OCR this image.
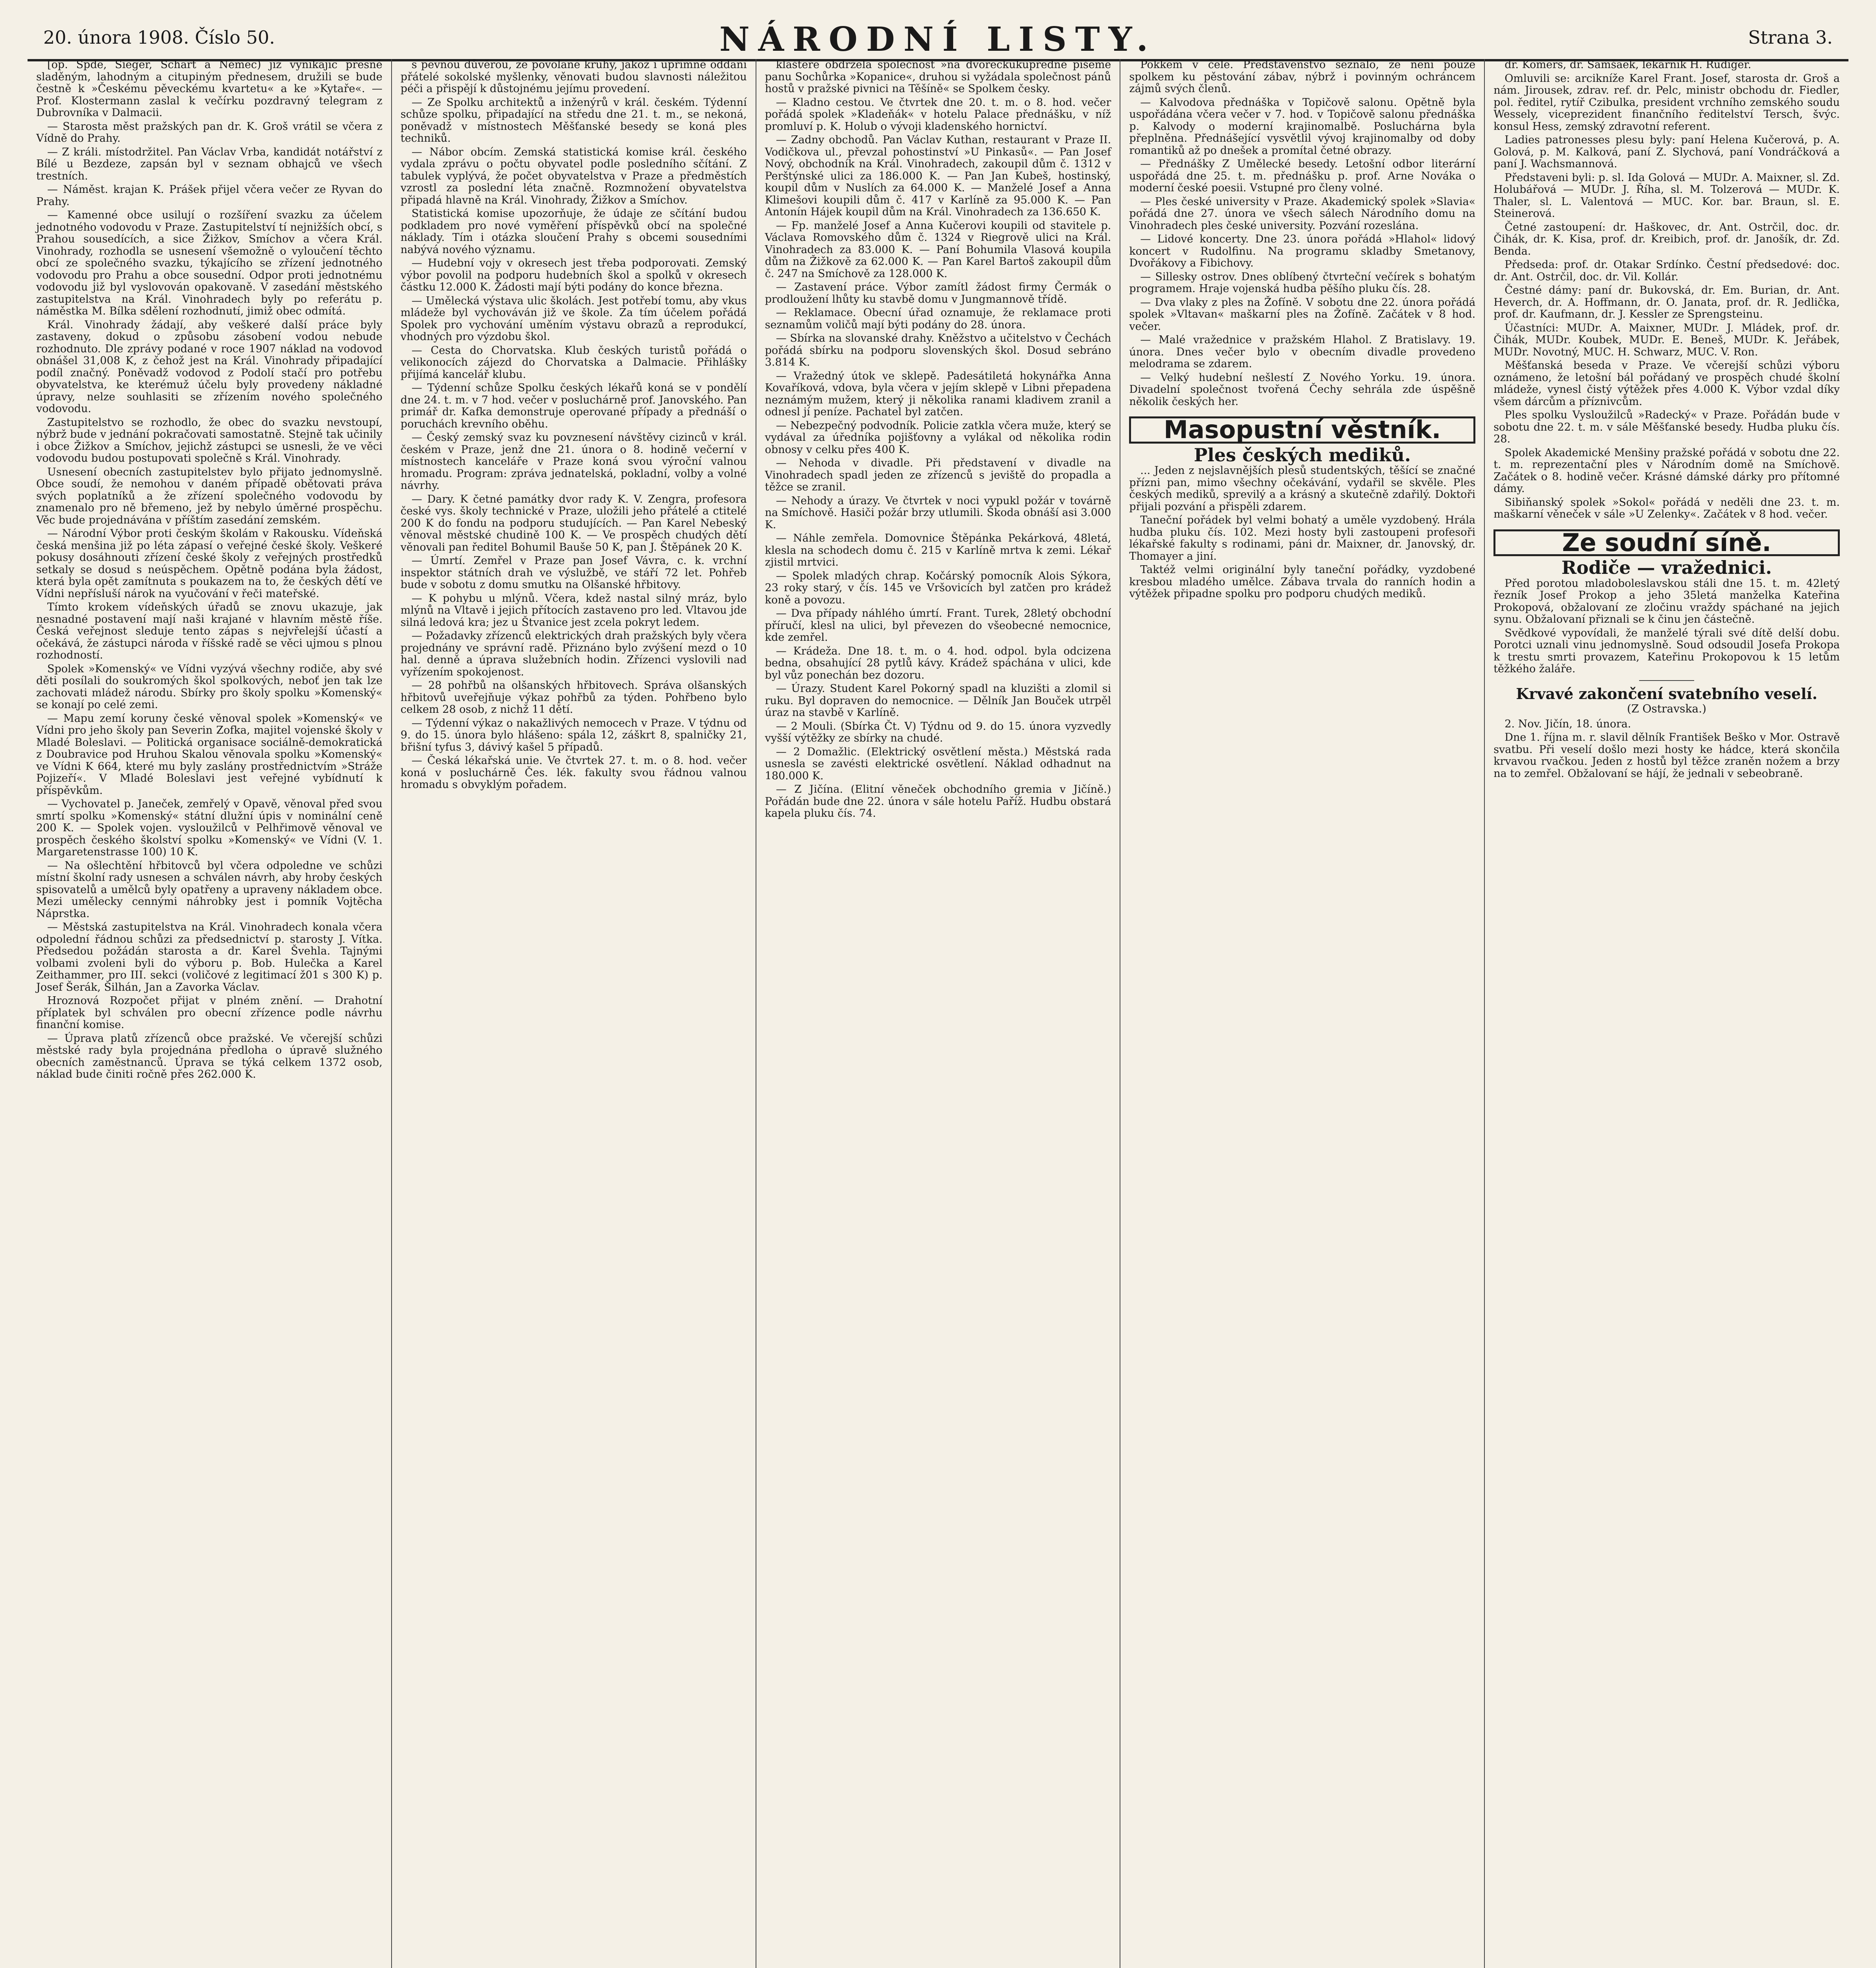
20. února 1908. Číslo 50.	NÁRODNÍ LISTY.	Strana 3.

[op. Spde, Sieger, Schart a Němec) již vynikajíc přesně sladěným, lahodným a citupiným přednesem, družili se bude čestně k »Českému pěveckému kvartetu« a ke »Kytaře«. — Prof. Klostermann zaslal k večírku pozdravný telegram z Dubrovníka v Dalmacii.

— Starosta měst pražských pan dr. K. Groš vrátil se včera z Vídně do Prahy.

— Z králi. místodržitel. Pan Václav Vrba, kandidát notářství z Bílé u Bezdeze, zapsán byl v seznam obhajců ve všech trestních.

— Náměst. krajan K. Prášek přijel včera večer ze Ryvan do Prahy.

— Kamenné obce usilují o rozšíření svazku za účelem jednotného vodovodu v Praze. Zastupitelství tí nejnižších obcí, s Prahou sousedících, a sice Žižkov, Smíchov a včera Král. Vinohrady, rozhodla se usnesení všemožně o vyloučení těchto obcí ze společného svazku, týkajícího se zřízení jednotného vodovodu pro Prahu a obce sousední. Odpor proti jednotnému vodovodu již byl vyslovován opakovaně. V zasedání městského zastupitelstva na Král. Vinohradech byly po referátu p. náměstka M. Bílka sdělení rozhodnutí, jimiž obec odmítá.

Král. Vinohrady žádají, aby veškeré další práce byly zastaveny, dokud o způsobu zásobení vodou nebude rozhodnuto. Dle zprávy podané v roce 1907 náklad na vodovod obnášel 31,008 K, z čehož jest na Král. Vinohrady připadající podíl značný. Poněvadž vodovod z Podolí stačí pro potřebu obyvatelstva, ke kterémuž účelu byly provedeny nákladné úpravy, nelze souhlasiti se zřízením nového společného vodovodu.

Zastupitelstvo se rozhodlo, že obec do svazku nevstoupí, nýbrž bude v jednání pokračovati samostatně. Stejně tak učinily i obce Žižkov a Smíchov, jejichž zástupci se usnesli, že ve věci vodovodu budou postupovati společně s Král. Vinohrady.

Usnesení obecních zastupitelstev bylo přijato jednomyslně. Obce soudí, že nemohou v daném případě obětovati práva svých poplatníků a že zřízení společného vodovodu by znamenalo pro ně břemeno, jež by nebylo úměrné prospěchu. Věc bude projednávána v příštím zasedání zemském.

— Národní Výbor proti českým školám v Rakousku. Vídeňská česká menšina již po léta zápasí o veřejné české školy. Veškeré pokusy dosáhnouti zřízení české školy z veřejných prostředků setkaly se dosud s neúspěchem. Opětně podána byla žádost, která byla opět zamítnuta s poukazem na to, že českých dětí ve Vídni nepřísluší nárok na vyučování v řeči mateřské.

Tímto krokem vídeňských úřadů se znovu ukazuje, jak nesnadné postavení mají naši krajané v hlavním městě říše. Česká veřejnost sleduje tento zápas s nejvřelejší účastí a očekává, že zástupci národa v říšské radě se věci ujmou s plnou rozhodností.

Spolek »Komenský« ve Vídni vyzývá všechny rodiče, aby své děti posílali do soukromých škol spolkových, neboť jen tak lze zachovati mládež národu. Sbírky pro školy spolku »Komenský« se konají po celé zemi.

— Mapu zemí koruny české věnoval spolek »Komenský« ve Vídni pro jeho školy pan Severin Zofka, majitel vojenské školy v Mladé Boleslavi. — Politická organisace sociálně-demokratická z Doubravice pod Hruhou Skalou věnovala spolku »Komenský« ve Vídni K 664, které mu byly zaslány prostřednictvím »Stráže Pojizeří«. V Mladé Boleslavi jest veřejné vybídnutí k příspěvkům.

— Vychovatel p. Janeček, zemřelý v Opavě, věnoval před svou smrtí spolku »Komenský« státní dlužní úpis v nominální ceně 200 K. — Spolek vojen. vysloužilců v Pelhřimově věnoval ve prospěch českého školství spolku »Komenský« ve Vídni (V. 1. Margaretenstrasse 100) 10 K.

— Na ošlechtění hřbitovců byl včera odpoledne ve schůzi místní školní rady usnesen a schválen návrh, aby hroby českých spisovatelů a umělců byly opatřeny a upraveny nákladem obce. Mezi umělecky cennými náhrobky jest i pomník Vojtěcha Náprstka.

— Městská zastupitelstva na Král. Vinohradech konala včera odpolední řádnou schůzi za předsednictví p. starosty J. Vítka. Předsedou požádán starosta a dr. Karel Švehla. Tajnými volbami zvoleni byli do výboru p. Bob. Hulečka a Karel Zeithammer, pro III. sekci (voličové z legitimací ž01 s 300 K) p. Josef Šerák, Šilhán, Jan a Zavorka Václav.

Hroznová Rozpočet přijat v plném znění. — Drahotní příplatek byl schválen pro obecní zřízence podle návrhu finanční komise.

— Úprava platů zřízenců obce pražské. Ve včerejší schůzi městské rady byla projednána předloha o úpravě služného obecních zaměstnanců. Úprava se týká celkem 1372 osob, náklad bude činiti ročně přes 262.000 K.

s pevnou důvěrou, že povolané kruhy, jakož i upřímně oddaní přátelé sokolské myšlenky, věnovati budou slavnosti náležitou péči a přispějí k důstojnému jejímu provedení.

— Ze Spolku architektů a inženýrů v král. českém. Týdenní schůze spolku, připadající na středu dne 21. t. m., se nekoná, poněvadž v místnostech Měšťanské besedy se koná ples techniků.

— Nábor obcím. Zemská statistická komise král. českého vydala zprávu o počtu obyvatel podle posledního sčítání. Z tabulek vyplývá, že počet obyvatelstva v Praze a předměstích vzrostl za poslední léta značně. Rozmnožení obyvatelstva připadá hlavně na Král. Vinohrady, Žižkov a Smíchov.

Statistická komise upozorňuje, že údaje ze sčítání budou podkladem pro nové vyměření příspěvků obcí na společné náklady. Tím i otázka sloučení Prahy s obcemi sousedními nabývá nového významu.

— Hudební vojy v okresech jest třeba podporovati. Zemský výbor povolil na podporu hudebních škol a spolků v okresech částku 12.000 K. Žádosti mají býti podány do konce března.

— Umělecká výstava ulic školách. Jest potřebí tomu, aby vkus mládeže byl vychováván již ve škole. Za tím účelem pořádá Spolek pro vychování uměním výstavu obrazů a reprodukcí, vhodných pro výzdobu škol.

— Cesta do Chorvatska. Klub českých turistů pořádá o velikonocích zájezd do Chorvatska a Dalmacie. Přihlášky přijímá kancelář klubu.

— Týdenní schůze Spolku českých lékařů koná se v pondělí dne 24. t. m. v 7 hod. večer v posluchárně prof. Janovského. Pan primář dr. Kafka demonstruje operované případy a přednáší o poruchách krevního oběhu.

— Český zemský svaz ku povznesení návštěvy cizinců v král. českém v Praze, jenž dne 21. února o 8. hodině večerní v místnostech kanceláře v Praze koná svou výroční valnou hromadu. Program: zpráva jednatelská, pokladní, volby a volné návrhy.

— Dary. K četné památky dvor rady K. V. Zengra, profesora české vys. školy technické v Praze, uložili jeho přátelé a ctitelé 200 K do fondu na podporu studujících. — Pan Karel Nebeský věnoval městské chudině 100 K. — Ve prospěch chudých dětí věnovali pan ředitel Bohumil Bauše 50 K, pan J. Štěpánek 20 K.

— Úmrtí. Zemřel v Praze pan Josef Vávra, c. k. vrchní inspektor státních drah ve výslužbě, ve stáří 72 let. Pohřeb bude v sobotu z domu smutku na Olšanské hřbitovy.

— K pohybu u mlýnů. Včera, kdež nastal silný mráz, bylo mlýnů na Vltavě i jejich přítocích zastaveno pro led. Vltavou jde silná ledová kra; jez u Štvanice jest zcela pokryt ledem.

— Požadavky zřízenců elektrických drah pražských byly včera projednány ve správní radě. Přiznáno bylo zvýšení mezd o 10 hal. denně a úprava služebních hodin. Zřízenci vyslovili nad vyřízením spokojenost.

— 28 pohřbů na olšanských hřbitovech. Správa olšanských hřbitovů uveřejňuje výkaz pohřbů za týden. Pohřbeno bylo celkem 28 osob, z nichž 11 dětí.

— Týdenní výkaz o nakažlivých nemocech v Praze. V týdnu od 9. do 15. února bylo hlášeno: spála 12, záškrt 8, spalničky 21, břišní tyfus 3, dávivý kašel 5 případů.

— Česká lékařská unie. Ve čtvrtek 27. t. m. o 8. hod. večer koná v posluchárně Čes. lék. fakulty svou řádnou valnou hromadu s obvyklým pořadem.

klášteře obdržela společnost »na dvoreckukupředně píšeme panu Sochůrka »Kopanice«, druhou si vyžádala společnost pánů hostů v pražské pivnici na Těšíně« se Spolkem česky.

— Kladno cestou. Ve čtvrtek dne 20. t. m. o 8. hod. večer pořádá spolek »Kladeňák« v hotelu Palace přednášku, v níž promluví p. K. Holub o vývoji kladenského hornictví.

— Zadny obchodů. Pan Václav Kuthan, restaurant v Praze II. Vodičkova ul., převzal pohostinství »U Pinkasů«. — Pan Josef Nový, obchodník na Král. Vinohradech, zakoupil dům č. 1312 v Perštýnské ulici za 186.000 K. — Pan Jan Kubeš, hostinský, koupil dům v Nuslích za 64.000 K. — Manželé Josef a Anna Klimešovi koupili dům č. 417 v Karlíně za 95.000 K. — Pan Antonín Hájek koupil dům na Král. Vinohradech za 136.650 K.

— Fp. manželé Josef a Anna Kučerovi koupili od stavitele p. Václava Romovského dům č. 1324 v Riegrově ulici na Král. Vinohradech za 83.000 K. — Paní Bohumila Vlasová koupila dům na Žižkově za 62.000 K. — Pan Karel Bartoš zakoupil dům č. 247 na Smíchově za 128.000 K.

— Zastavení práce. Výbor zamítl žádost firmy Čermák o prodloužení lhůty ku stavbě domu v Jungmannově třídě.

— Reklamace. Obecní úřad oznamuje, že reklamace proti seznamům voličů mají býti podány do 28. února.

— Sbírka na slovanské drahy. Kněžstvo a učitelstvo v Čechách pořádá sbírku na podporu slovenských škol. Dosud sebráno 3.814 K.

— Vražedný útok ve sklepě. Padesátiletá hokynářka Anna Kovaříková, vdova, byla včera v jejím sklepě v Libni přepadena neznámým mužem, který ji několika ranami kladivem zranil a odnesl jí peníze. Pachatel byl zatčen.

— Nebezpečný podvodník. Policie zatkla včera muže, který se vydával za úředníka pojišťovny a vylákal od několika rodin obnosy v celku přes 400 K.

— Nehoda v divadle. Při představení v divadle na Vinohradech spadl jeden ze zřízenců s jeviště do propadla a těžce se zranil.

— Nehody a úrazy. Ve čtvrtek v noci vypukl požár v továrně na Smíchově. Hasiči požár brzy utlumili. Škoda obnáší asi 3.000 K.

— Náhle zemřela. Domovnice Štěpánka Pekárková, 48letá, klesla na schodech domu č. 215 v Karlíně mrtva k zemi. Lékař zjistil mrtvici.

— Spolek mladých chrap. Kočárský pomocník Alois Sýkora, 23 roky starý, v čís. 145 ve Vršovicích byl zatčen pro krádež koně a povozu.

— Dva případy náhlého úmrtí. Frant. Turek, 28letý obchodní příručí, klesl na ulici, byl převezen do všeobecné nemocnice, kde zemřel.

— Krádeža. Dne 18. t. m. o 4. hod. odpol. byla odcizena bedna, obsahující 28 pytlů kávy. Krádež spáchána v ulici, kde byl vůz ponechán bez dozoru.

— Úrazy. Student Karel Pokorný spadl na kluzišti a zlomil si ruku. Byl dopraven do nemocnice. — Dělník Jan Bouček utrpěl úraz na stavbě v Karlíně.

— 2 Mouli. (Sbírka Čt. V) Týdnu od 9. do 15. února vyzvedly vyšší výtěžky ze sbírky na chudé.

— 2 Domažlic. (Elektrický osvětlení města.) Městská rada usnesla se zavésti elektrické osvětlení. Náklad odhadnut na 180.000 K.

— Z Jičína. (Elitní věneček obchodního gremia v Jičíně.) Pořádán bude dne 22. února v sále hotelu Paříž. Hudbu obstará kapela pluku čís. 74.

Pokkem v čele. Představenstvo seznalo, že není pouze spolkem ku pěstování zábav, nýbrž i povinným ochráncem zájmů svých členů.

— Kalvodova přednáška v Topičově salonu. Opětně byla uspořádána včera večer v 7. hod. v Topičově salonu přednáška p. Kalvody o moderní krajinomalbě. Posluchárna byla přeplněna. Přednášející vysvětlil vývoj krajinomalby od doby romantiků až po dnešek a promítal četné obrazy.

— Přednášky Z Umělecké besedy. Letošní odbor literární uspořádá dne 25. t. m. přednášku p. prof. Arne Nováka o moderní české poesii. Vstupné pro členy volné.

— Ples české university v Praze. Akademický spolek »Slavia« pořádá dne 27. února ve všech sálech Národního domu na Vinohradech ples české university. Pozvání rozeslána.

— Lidové koncerty. Dne 23. února pořádá »Hlahol« lidový koncert v Rudolfinu. Na programu skladby Smetanovy, Dvořákovy a Fibichovy.

— Sillesky ostrov. Dnes oblíbený čtvrteční večírek s bohatým programem. Hraje vojenská hudba pěšího pluku čís. 28.

— Dva vlaky z ples na Žofíně. V sobotu dne 22. února pořádá spolek »Vltavan« maškarní ples na Žofíně. Začátek v 8 hod. večer.

— Malé vražednice v pražském Hlahol. Z Bratislavy. 19. února. Dnes večer bylo v obecním divadle provedeno melodrama se zdarem.

— Velký hudební nešlestí Z Nového Yorku. 19. února. Divadelní společnost tvořená Čechy sehrála zde úspěšně několik českých her.

Masopustní věstník.
Ples českých mediků.

... Jeden z nejslavnějších plesů studentských, těšící se značné přízni pan, mimo všechny očekávání, vydařil se skvěle. Ples českých mediků, sprevilý a a krásný a skutečně zdařilý. Doktoři přijali pozvání a přispěli zdarem.

Taneční pořádek byl velmi bohatý a uměle vyzdobený. Hrála hudba pluku čís. 102. Mezi hosty byli zastoupeni profesoři lékařské fakulty s rodinami, páni dr. Maixner, dr. Janovský, dr. Thomayer a jiní.

Taktéž velmi originální byly taneční pořádky, vyzdobené kresbou mladého umělce. Zábava trvala do ranních hodin a výtěžek připadne spolku pro podporu chudých mediků.

dr. Komers, dr. Samšaek, lékárník H. Rüdiger.

Omluvili se: arcikníže Karel Frant. Josef, starosta dr. Groš a nám. Jirousek, zdrav. ref. dr. Pelc, ministr obchodu dr. Fiedler, pol. ředitel, rytíř Czibulka, president vrchního zemského soudu Wessely, viceprezident finančního ředitelství Tersch, švýc. konsul Hess, zemský zdravotní referent.

Ladies patronesses plesu byly: paní Helena Kučerová, p. A. Golová, p. M. Kalková, paní Z. Slychová, paní Vondráčková a paní J. Wachsmannová.

Představeni byli: p. sl. Ida Golová — MUDr. A. Maixner, sl. Zd. Holubářová — MUDr. J. Říha, sl. M. Tolzerová — MUDr. K. Thaler, sl. L. Valentová — MUC. Kor. bar. Braun, sl. E. Steinerová.

Četné zastoupení: dr. Haškovec, dr. Ant. Ostrčil, doc. dr. Čihák, dr. K. Kisa, prof. dr. Kreibich, prof. dr. Janošík, dr. Zd. Benda.

Předseda: prof. dr. Otakar Srdínko. Čestní předsedové: doc. dr. Ant. Ostrčil, doc. dr. Vil. Kollár.

Čestné dámy: paní dr. Bukovská, dr. Em. Burian, dr. Ant. Heverch, dr. A. Hoffmann, dr. O. Janata, prof. dr. R. Jedlička, prof. dr. Kaufmann, dr. J. Kessler ze Sprengsteinu.

Účastníci: MUDr. A. Maixner, MUDr. J. Mládek, prof. dr. Čihák, MUDr. Koubek, MUDr. E. Beneš, MUDr. K. Jeřábek, MUDr. Novotný, MUC. H. Schwarz, MUC. V. Ron.

Měšťanská beseda v Praze. Ve včerejší schůzi výboru oznámeno, že letošní bál pořádaný ve prospěch chudé školní mládeže, vynesl čistý výtěžek přes 4.000 K. Výbor vzdal díky všem dárcům a příznivcům.

Ples spolku Vysloužilců »Radecký« v Praze. Pořádán bude v sobotu dne 22. t. m. v sále Měšťanské besedy. Hudba pluku čís. 28.

Spolek Akademické Menšiny pražské pořádá v sobotu dne 22. t. m. reprezentační ples v Národním domě na Smíchově. Začátek o 8. hodině večer. Krásné dámské dárky pro přítomné dámy.

Sibiňanský spolek »Sokol« pořádá v neděli dne 23. t. m. maškarní věneček v sále »U Zelenky«. Začátek v 8 hod. večer.

Ze soudní síně.
Rodiče — vražednici.

Před porotou mladoboleslavskou stáli dne 15. t. m. 42letý řezník Josef Prokop a jeho 35letá manželka Kateřina Prokopová, obžalovaní ze zločinu vraždy spáchané na jejich synu. Obžalovaní přiznali se k činu jen částečně.

Svědkové vypovídali, že manželé týrali své dítě delší dobu. Porotci uznali vinu jednomyslně. Soud odsoudil Josefa Prokopa k trestu smrti provazem, Kateřinu Prokopovou k 15 letům těžkého žaláře.

Krvavé zakončení svatebního veselí.
(Z Ostravska.)

2. Nov. Jičín, 18. února.

Dne 1. října m. r. slavil dělník František Beško v Mor. Ostravě svatbu. Při veselí došlo mezi hosty ke hádce, která skončila krvavou rvačkou. Jeden z hostů byl těžce zraněn nožem a brzy na to zemřel. Obžalovaní se hájí, že jednali v sebeobraně.
